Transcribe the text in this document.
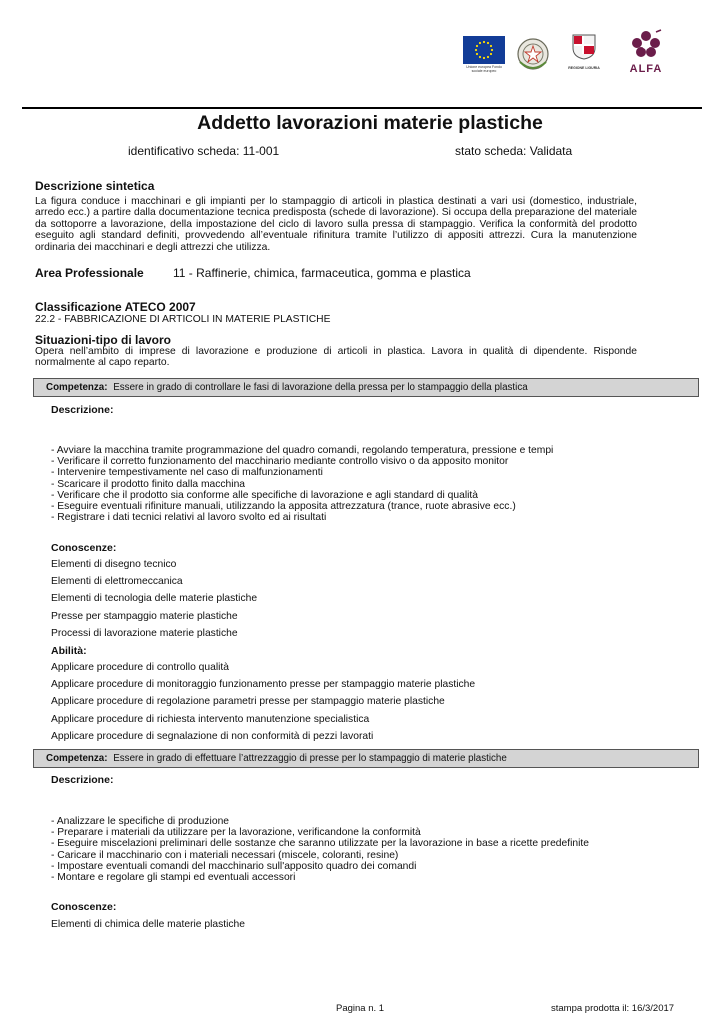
Unione europea Fondo sociale europeo
REGIONE LIGURIA	ALFA
Addetto lavorazioni materie plastiche
identificativo scheda: 11-001	stato scheda: Validata
Descrizione sintetica
La figura conduce i macchinari e gli impianti per lo stampaggio di articoli in plastica destinati a vari usi (domestico, industriale, arredo ecc.) a partire dalla documentazione tecnica predisposta (schede di lavorazione). Si occupa della preparazione del materiale da sottoporre a lavorazione, della impostazione del ciclo di lavoro sulla pressa di stampaggio. Verifica la conformità del prodotto eseguito agli standard definiti, provvedendo all’eventuale rifinitura tramite l’utilizzo di appositi attrezzi. Cura la manutenzione ordinaria dei macchinari e degli attrezzi che utilizza.
Area Professionale 11 - Raffinerie, chimica, farmaceutica, gomma e plastica
Classificazione ATECO 2007
22.2 - FABBRICAZIONE DI ARTICOLI IN MATERIE PLASTICHE
Situazioni-tipo di lavoro
Opera nell’ambito di imprese di lavorazione e produzione di articoli in plastica. Lavora in qualità di dipendente. Risponde normalmente al capo reparto.
Competenza: Essere in grado di controllare le fasi di lavorazione della pressa per lo stampaggio della plastica
Descrizione:
- Avviare la macchina tramite programmazione del quadro comandi, regolando temperatura, pressione e tempi
- Verificare il corretto funzionamento del macchinario mediante controllo visivo o da apposito monitor
- Intervenire tempestivamente nel caso di malfunzionamenti
- Scaricare il prodotto finito dalla macchina
- Verificare che il prodotto sia conforme alle specifiche di lavorazione e agli standard di qualità
- Eseguire eventuali rifiniture manuali, utilizzando la apposita attrezzatura (trance, ruote abrasive ecc.)
- Registrare i dati tecnici relativi al lavoro svolto ed ai risultati
Conoscenze:
Elementi di disegno tecnico
Elementi di elettromeccanica
Elementi di tecnologia delle materie plastiche
Presse per stampaggio materie plastiche
Processi di lavorazione materie plastiche
Abilità:
Applicare procedure di controllo qualità
Applicare procedure di monitoraggio funzionamento presse per stampaggio materie plastiche
Applicare procedure di regolazione parametri presse per stampaggio materie plastiche
Applicare procedure di richiesta intervento manutenzione specialistica
Applicare procedure di segnalazione di non conformità di pezzi lavorati
Competenza: Essere in grado di effettuare l’attrezzaggio di presse per lo stampaggio di materie plastiche
Descrizione:
- Analizzare le specifiche di produzione
- Preparare i materiali da utilizzare per la lavorazione, verificandone la conformità
- Eseguire miscelazioni preliminari delle sostanze che saranno utilizzate per la lavorazione in base a ricette predefinite
- Caricare il macchinario con i materiali necessari (miscele, coloranti, resine)
- Impostare eventuali comandi del macchinario sull'apposito quadro dei comandi
- Montare e regolare gli stampi ed eventuali accessori
Conoscenze:
Elementi di chimica delle materie plastiche
Pagina n. 1	stampa prodotta il: 16/3/2017
